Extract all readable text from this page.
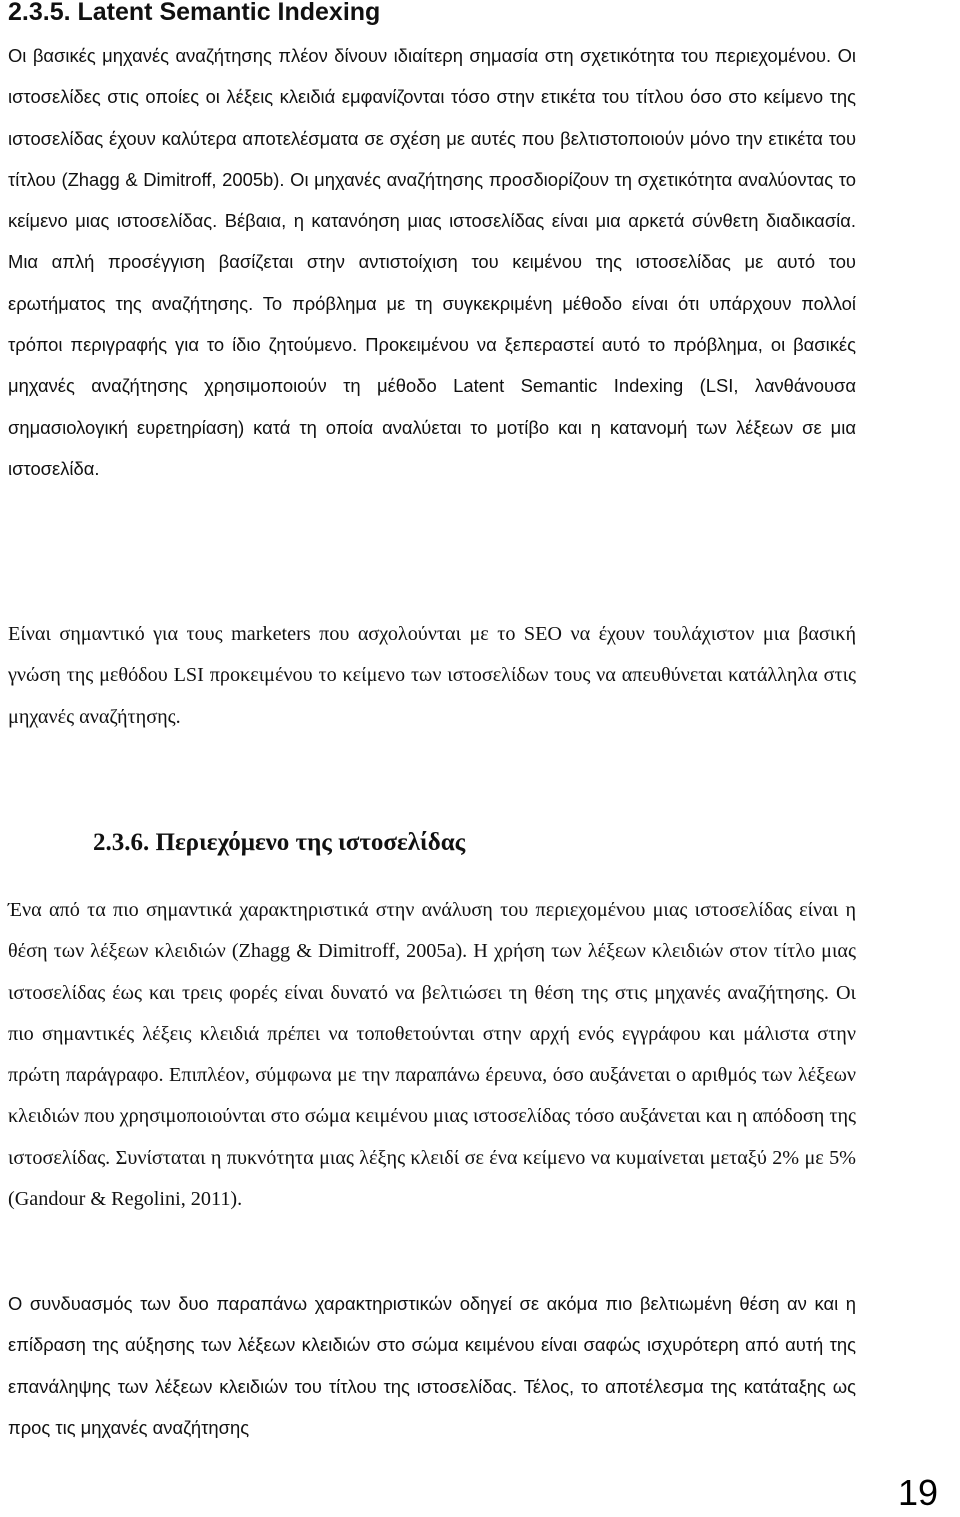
2.3.5. Latent Semantic Indexing

Οι βασικές μηχανές αναζήτησης πλέον δίνουν ιδιαίτερη σημασία στη σχετικότητα του περιεχομένου. Οι ιστοσελίδες στις οποίες οι λέξεις κλειδιά εμφανίζονται τόσο στην ετικέτα του τίτλου όσο στο κείμενο της ιστοσελίδας έχουν καλύτερα αποτελέσματα σε σχέση με αυτές που βελτιστοποιούν μόνο την ετικέτα του τίτλου (Zhagg & Dimitroff, 2005b). Οι μηχανές αναζήτησης προσδιορίζουν τη σχετικότητα αναλύοντας το κείμενο μιας ιστοσελίδας. Βέβαια, η κατανόηση μιας ιστοσελίδας είναι μια αρκετά σύνθετη διαδικασία. Μια απλή προσέγγιση βασίζεται στην αντιστοίχιση του κειμένου της ιστοσελίδας με αυτό του ερωτήματος της αναζήτησης. Το πρόβλημα με τη συγκεκριμένη μέθοδο είναι ότι υπάρχουν πολλοί τρόποι περιγραφής για το ίδιο ζητούμενο. Προκειμένου να ξεπεραστεί αυτό το πρόβλημα, οι βασικές μηχανές αναζήτησης χρησιμοποιούν τη μέθοδο Latent Semantic Indexing (LSI, λανθάνουσα σημασιολογική ευρετηρίαση) κατά τη οποία αναλύεται το μοτίβο και η κατανομή των λέξεων σε μια ιστοσελίδα.

Είναι σημαντικό για τους marketers που ασχολούνται με το SEO να έχουν τουλάχιστον μια βασική γνώση της μεθόδου LSI προκειμένου το κείμενο των ιστοσελίδων τους να απευθύνεται κατάλληλα στις μηχανές αναζήτησης.

2.3.6. Περιεχόμενο της ιστοσελίδας

Ένα από τα πιο σημαντικά χαρακτηριστικά στην ανάλυση του περιεχομένου μιας ιστοσελίδας είναι η θέση των λέξεων κλειδιών (Zhagg & Dimitroff, 2005a). Η χρήση των λέξεων κλειδιών στον τίτλο μιας ιστοσελίδας έως και τρεις φορές είναι δυνατό να βελτιώσει τη θέση της στις μηχανές αναζήτησης. Οι πιο σημαντικές λέξεις κλειδιά πρέπει να τοποθετούνται στην αρχή ενός εγγράφου και μάλιστα στην πρώτη παράγραφο. Επιπλέον, σύμφωνα με την παραπάνω έρευνα, όσο αυξάνεται ο αριθμός των λέξεων κλειδιών που χρησιμοποιούνται στο σώμα κειμένου μιας ιστοσελίδας τόσο αυξάνεται και η απόδοση της ιστοσελίδας. Συνίσταται η πυκνότητα μιας λέξης κλειδί σε ένα κείμενο να κυμαίνεται μεταξύ 2% με 5% (Gandour & Regolini, 2011).

Ο συνδυασμός των δυο παραπάνω χαρακτηριστικών οδηγεί σε ακόμα πιο βελτιωμένη θέση αν και η επίδραση της αύξησης των λέξεων κλειδιών στο σώμα κειμένου είναι σαφώς ισχυρότερη από αυτή της επανάληψης των λέξεων κλειδιών του τίτλου της ιστοσελίδας. Τέλος, το αποτέλεσμα της κατάταξης ως προς τις μηχανές αναζήτησης

19
